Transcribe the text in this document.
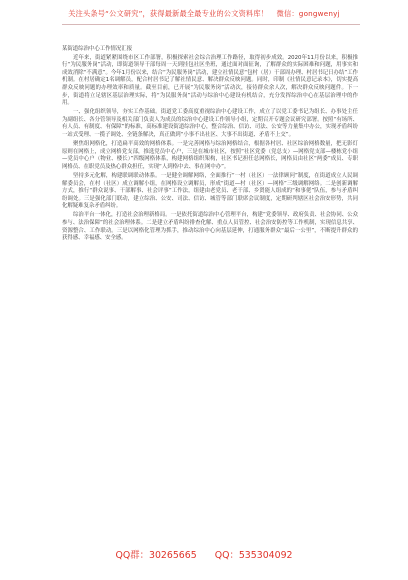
关注头条号“公文研究”，获得最新最全最专业的公文资料库！ 微信：gongwenyj

某街道综治中心工作情况汇报

近年来，街道紧紧围绕市区工作部署，积极探索社会综合治理工作路径，取得初步成效。2020年11月份以来，积极推行“为民服务岗”活动，即街道领导干部每周一天到挂包社区坐班，通过面对面征询，了解群众的实际困难和问题，用事实和成效消除“不满意”。今年1月份以来，结合“为民服务岗”活动，建立社情民意“包村（居）干部周办理、村居书记日办结”工作机制。在村居确定1名调解员，配合村居书记了解社情民意、解决群众反映问题。同时，印制《社情民意记录本》，切实提高群众反映问题的办理效率和质量。截至目前，已开展“为民服务岗”活动次，接待群众余人次，解决群众反映问题件。下一步，街道将立足辖区基层治理实际，将“为民服务岗”活动与综治中心建设有机结合，充分发挥综治中心在基层治理中的作用。

一、强化组织领导，夯实工作基础。街道党工委高度重视综治中心建设工作，成立了以党工委书记为组长、办事处主任为副组长、各分管领导及相关部门负责人为成员的综治中心建设工作领导小组，定期召开专题会议研究部署。按照“有场所、有人员、有制度、有保障”的标准，高标准建设街道综治中心，整合综治、信访、司法、公安等力量集中办公，实现矛盾纠纷一站式受理、一揽子调处、全链条解决，真正做到“小事不出社区、大事不出街道、矛盾不上交”。

聚焦组网格化，打造扁平高效的网格体系。一是完善网格与综治网格结合，根据各村居、社区综治网格数量，把无影灯原则在网格上，成立网格党支部，推选党员中心户，三是在城市社区，按照“社区党委（党总支）—网格党支部—楼栋党小组—党员中心户（物业、楼长）”四级网格体系，构建网格组织架构，社区书记担任总网格长，网格员由社区“两委”成员、专职网格员、在职党员及热心群众担任，实现“人到格中去、事在网中办”。

坚持多元化解，构建联调联动体系。一是健全调解网络，全面推行“一村（社区）一法律顾问”制度，在街道成立人民调解委员会，在村（社区）成立调解小组，在网格设立调解员，形成“街道—村（社区）—网格”三级调解网络。二是创新调解方式，推行“群众说事、干部解事、社会评事”工作法，组建由老党员、老干部、乡贤能人组成的“和事佬”队伍，参与矛盾纠纷调处。三是强化部门联动，建立综治、公安、司法、信访、城管等部门联席会议制度，定期研判辖区社会治安形势，共同化解疑难复杂矛盾纠纷。

综治平台一体化，打造社会治理新格局。一是依托街道综治中心管理平台，构建“党委领导、政府负责、社会协同、公众参与、法治保障”的社会治理体系。二是建立矛盾纠纷排查化解、重点人员管控、社会治安防控等工作机制，实现信息共享、资源整合、工作联动。三是以网格化管理为抓手，推动综治中心向基层延伸，打通服务群众“最后一公里”，不断提升群众的获得感、幸福感、安全感。

QQ群：30265665 QQ：535304092
